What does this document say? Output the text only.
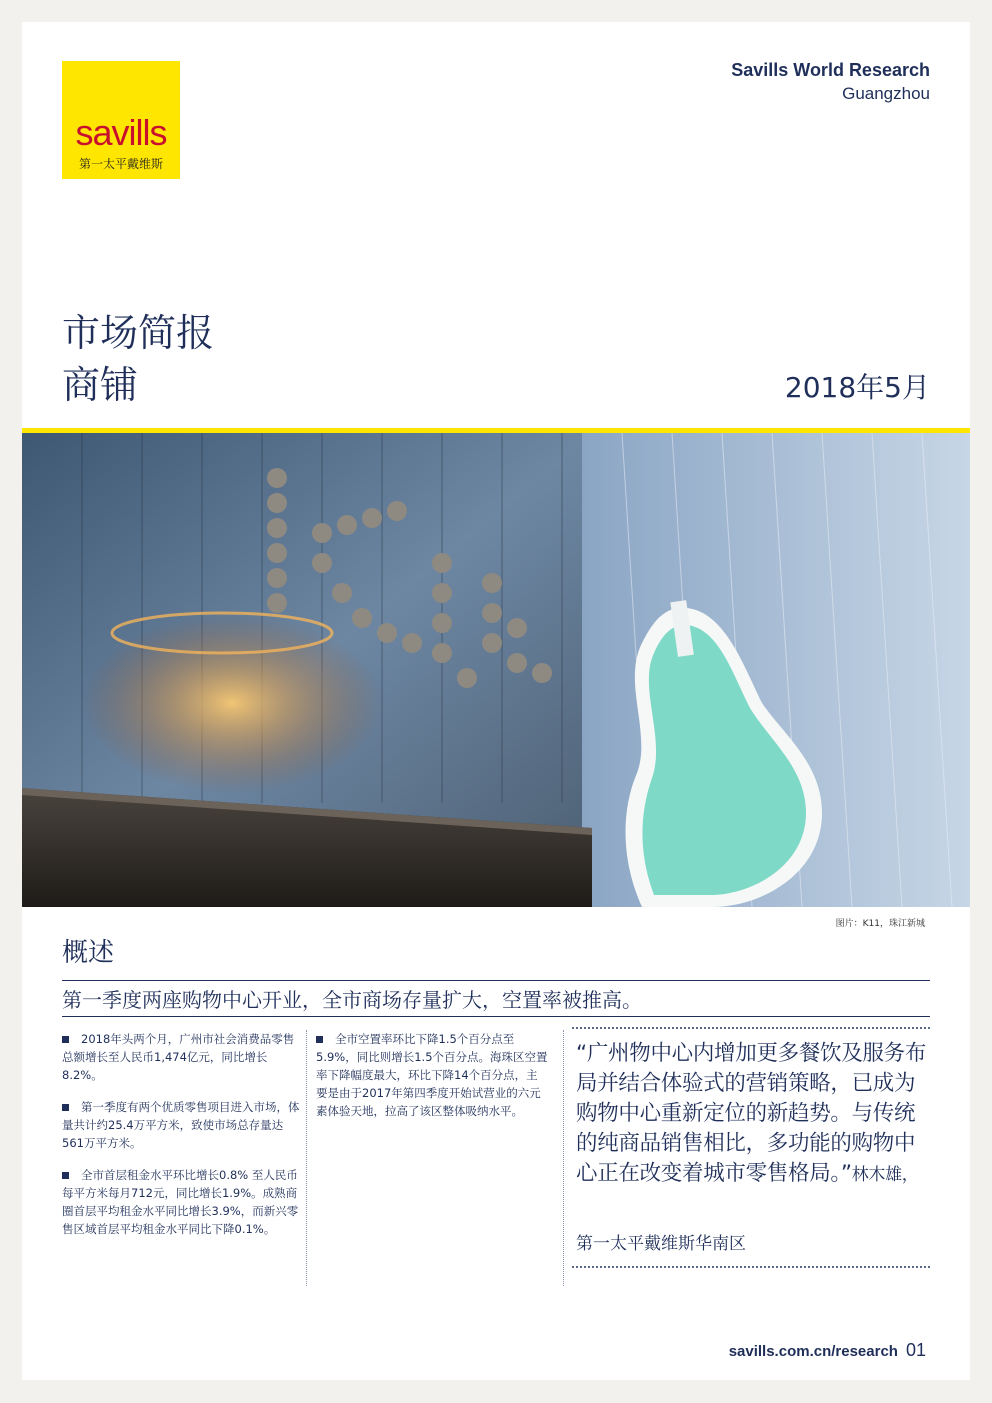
savills
第一太平戴维斯
Savills World Research
Guangzhou
市场简报
商铺	2018年5月
图片：K11，珠江新城
概述
第一季度两座购物中心开业，全市商场存量扩大，空置率被推高。
2018年头两个月，广州市社会消费品零售总额增长至人民币1,474亿元，同比增长8.2%。
第一季度有两个优质零售项目进入市场，体量共计约25.4万平方米，致使市场总存量达561万平方米。
全市首层租金水平环比增长0.8% 至人民币每平方米每月712元，同比增长1.9%。成熟商圈首层平均租金水平同比增长3.9%，而新兴零售区域首层平均租金水平同比下降0.1%。
全市空置率环比下降1.5个百分点至5.9%，同比则增长1.5个百分点。海珠区空置率下降幅度最大，环比下降14个百分点，主要是由于2017年第四季度开始试营业的六元素体验天地，拉高了该区整体吸纳水平。
“广州物中心内增加更多餐饮及服务布局并结合体验式的营销策略，已成为购物中心重新定位的新趋势。与传统的纯商品销售相比，多功能的购物中心正在改变着城市零售格局。”林木雄，
第一太平戴维斯华南区
savills.com.cn/research 01
